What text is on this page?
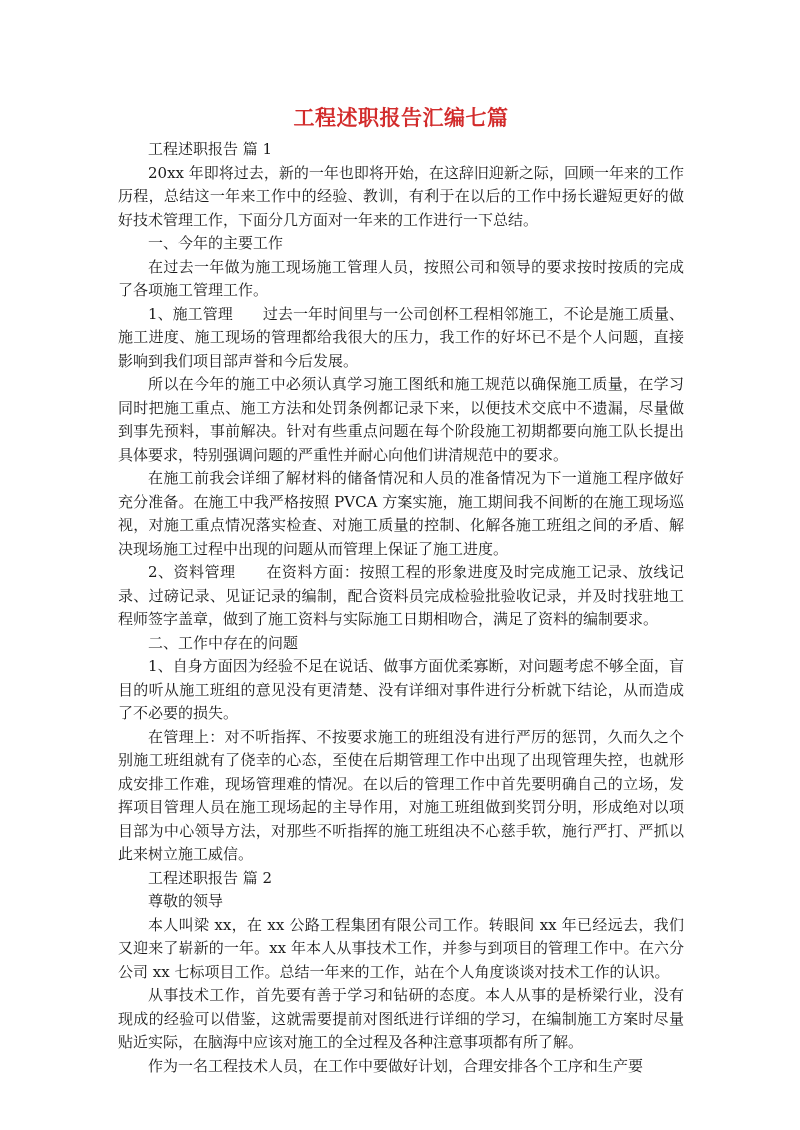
工程述职报告汇编七篇

工程述职报告 篇 1

20xx 年即将过去，新的一年也即将开始，在这辞旧迎新之际，回顾一年来的工作历程，总结这一年来工作中的经验、教训，有利于在以后的工作中扬长避短更好的做好技术管理工作，下面分几方面对一年来的工作进行一下总结。

一、今年的主要工作

在过去一年做为施工现场施工管理人员，按照公司和领导的要求按时按质的完成了各项施工管理工作。

1、施工管理　　过去一年时间里与一公司创杯工程相邻施工，不论是施工质量、施工进度、施工现场的管理都给我很大的压力，我工作的好坏已不是个人问题，直接影响到我们项目部声誉和今后发展。

所以在今年的施工中必须认真学习施工图纸和施工规范以确保施工质量，在学习同时把施工重点、施工方法和处罚条例都记录下来，以便技术交底中不遗漏，尽量做到事先预料，事前解决。针对有些重点问题在每个阶段施工初期都要向施工队长提出具体要求，特别强调问题的严重性并耐心向他们讲清规范中的要求。

在施工前我会详细了解材料的储备情况和人员的准备情况为下一道施工程序做好充分准备。在施工中我严格按照 PVCA 方案实施，施工期间我不间断的在施工现场巡视，对施工重点情况落实检查、对施工质量的控制、化解各施工班组之间的矛盾、解决现场施工过程中出现的问题从而管理上保证了施工进度。

2、资料管理　　在资料方面：按照工程的形象进度及时完成施工记录、放线记录、过磅记录、见证记录的编制，配合资料员完成检验批验收记录，并及时找驻地工程师签字盖章，做到了施工资料与实际施工日期相吻合，满足了资料的编制要求。

二、工作中存在的问题

1、自身方面因为经验不足在说话、做事方面优柔寡断，对问题考虑不够全面，盲目的听从施工班组的意见没有更清楚、没有详细对事件进行分析就下结论，从而造成了不必要的损失。

在管理上：对不听指挥、不按要求施工的班组没有进行严厉的惩罚，久而久之个别施工班组就有了侥幸的心态，至使在后期管理工作中出现了出现管理失控，也就形成安排工作难，现场管理难的情况。在以后的管理工作中首先要明确自己的立场，发挥项目管理人员在施工现场起的主导作用，对施工班组做到奖罚分明，形成绝对以项目部为中心领导方法，对那些不听指挥的施工班组决不心慈手软，施行严打、严抓以此来树立施工威信。

工程述职报告 篇 2

尊敬的领导

本人叫梁 xx，在 xx 公路工程集团有限公司工作。转眼间 xx 年已经远去，我们又迎来了崭新的一年。xx 年本人从事技术工作，并参与到项目的管理工作中。在六分公司 xx 七标项目工作。总结一年来的工作，站在个人角度谈谈对技术工作的认识。

从事技术工作，首先要有善于学习和钻研的态度。本人从事的是桥梁行业，没有现成的经验可以借鉴，这就需要提前对图纸进行详细的学习，在编制施工方案时尽量贴近实际，在脑海中应该对施工的全过程及各种注意事项都有所了解。

作为一名工程技术人员，在工作中要做好计划，合理安排各个工序和生产要
